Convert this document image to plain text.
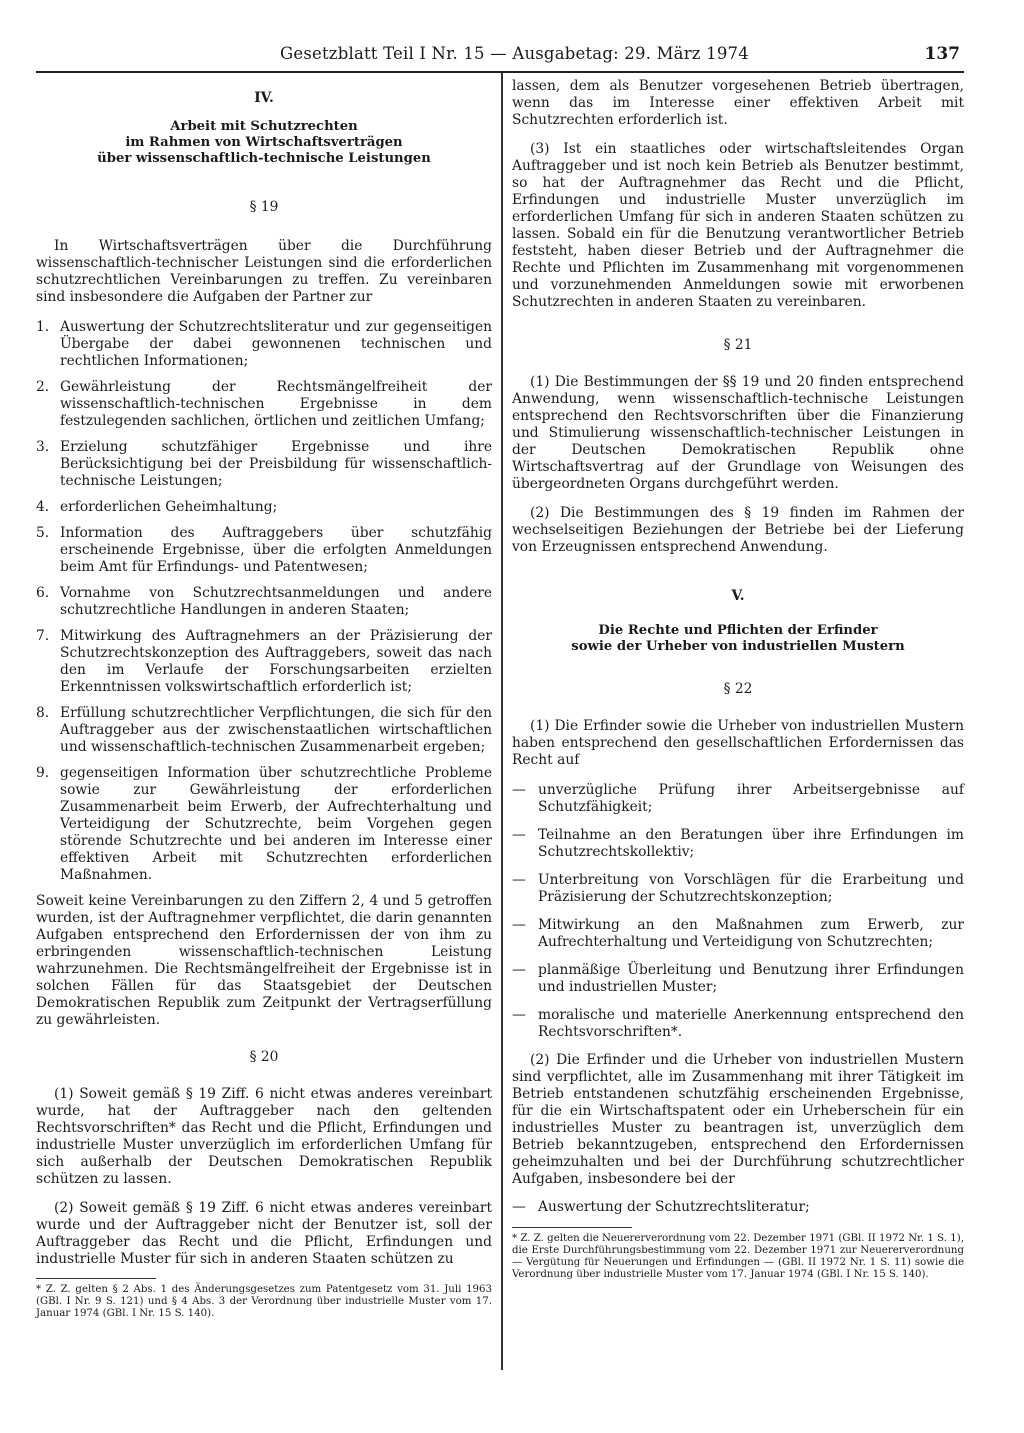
Gesetzblatt Teil I Nr. 15 — Ausgabetag: 29. März 1974	137
IV.
Arbeit mit Schutzrechten
im Rahmen von Wirtschaftsverträgen
über wissenschaftlich-technische Leistungen
§ 19

In Wirtschaftsverträgen über die Durchführung wissenschaftlich-technischer Leistungen sind die erforderlichen schutzrechtlichen Vereinbarungen zu treffen. Zu vereinbaren sind insbesondere die Aufgaben der Partner zur

1. Auswertung der Schutzrechtsliteratur und zur gegenseitigen Übergabe der dabei gewonnenen technischen und rechtlichen Informationen;
2. Gewährleistung der Rechtsmängelfreiheit der wissenschaftlich-technischen Ergebnisse in dem festzulegenden sachlichen, örtlichen und zeitlichen Umfang;
3. Erzielung schutzfähiger Ergebnisse und ihre Berücksichtigung bei der Preisbildung für wissenschaftlich-technische Leistungen;
4. erforderlichen Geheimhaltung;
5. Information des Auftraggebers über schutzfähig erscheinende Ergebnisse, über die erfolgten Anmeldungen beim Amt für Erfindungs- und Patentwesen;
6. Vornahme von Schutzrechtsanmeldungen und andere schutzrechtliche Handlungen in anderen Staaten;
7. Mitwirkung des Auftragnehmers an der Präzisierung der Schutzrechtskonzeption des Auftraggebers, soweit das nach den im Verlaufe der Forschungsarbeiten erzielten Erkenntnissen volkswirtschaftlich erforderlich ist;
8. Erfüllung schutzrechtlicher Verpflichtungen, die sich für den Auftraggeber aus der zwischenstaatlichen wirtschaftlichen und wissenschaftlich-technischen Zusammenarbeit ergeben;
9. gegenseitigen Information über schutzrechtliche Probleme sowie zur Gewährleistung der erforderlichen Zusammenarbeit beim Erwerb, der Aufrechterhaltung und Verteidigung der Schutzrechte, beim Vorgehen gegen störende Schutzrechte und bei anderen im Interesse einer effektiven Arbeit mit Schutzrechten erforderlichen Maßnahmen.

Soweit keine Vereinbarungen zu den Ziffern 2, 4 und 5 getroffen wurden, ist der Auftragnehmer verpflichtet, die darin genannten Aufgaben entsprechend den Erfordernissen der von ihm zu erbringenden wissenschaftlich-technischen Leistung wahrzunehmen. Die Rechtsmängelfreiheit der Ergebnisse ist in solchen Fällen für das Staatsgebiet der Deutschen Demokratischen Republik zum Zeitpunkt der Vertragserfüllung zu gewährleisten.

§ 20

(1) Soweit gemäß § 19 Ziff. 6 nicht etwas anderes vereinbart wurde, hat der Auftraggeber nach den geltenden Rechtsvorschriften* das Recht und die Pflicht, Erfindungen und industrielle Muster unverzüglich im erforderlichen Umfang für sich außerhalb der Deutschen Demokratischen Republik schützen zu lassen.

(2) Soweit gemäß § 19 Ziff. 6 nicht etwas anderes vereinbart wurde und der Auftraggeber nicht der Benutzer ist, soll der Auftraggeber das Recht und die Pflicht, Erfindungen und industrielle Muster für sich in anderen Staaten schützen zu

* Z. Z. gelten § 2 Abs. 1 des Änderungsgesetzes zum Patentgesetz vom 31. Juli 1963 (GBl. I Nr. 9 S. 121) und § 4 Abs. 3 der Verordnung über industrielle Muster vom 17. Januar 1974 (GBl. I Nr. 15 S. 140).

lassen, dem als Benutzer vorgesehenen Betrieb übertragen, wenn das im Interesse einer effektiven Arbeit mit Schutzrechten erforderlich ist.

(3) Ist ein staatliches oder wirtschaftsleitendes Organ Auftraggeber und ist noch kein Betrieb als Benutzer bestimmt, so hat der Auftragnehmer das Recht und die Pflicht, Erfindungen und industrielle Muster unverzüglich im erforderlichen Umfang für sich in anderen Staaten schützen zu lassen. Sobald ein für die Benutzung verantwortlicher Betrieb feststeht, haben dieser Betrieb und der Auftragnehmer die Rechte und Pflichten im Zusammenhang mit vorgenommenen und vorzunehmenden Anmeldungen sowie mit erworbenen Schutzrechten in anderen Staaten zu vereinbaren.

§ 21

(1) Die Bestimmungen der §§ 19 und 20 finden entsprechend Anwendung, wenn wissenschaftlich-technische Leistungen entsprechend den Rechtsvorschriften über die Finanzierung und Stimulierung wissenschaftlich-technischer Leistungen in der Deutschen Demokratischen Republik ohne Wirtschaftsvertrag auf der Grundlage von Weisungen des übergeordneten Organs durchgeführt werden.

(2) Die Bestimmungen des § 19 finden im Rahmen der wechselseitigen Beziehungen der Betriebe bei der Lieferung von Erzeugnissen entsprechend Anwendung.

V.
Die Rechte und Pflichten der Erfinder
sowie der Urheber von industriellen Mustern
§ 22

(1) Die Erfinder sowie die Urheber von industriellen Mustern haben entsprechend den gesellschaftlichen Erfordernissen das Recht auf

— unverzügliche Prüfung ihrer Arbeitsergebnisse auf Schutzfähigkeit;
— Teilnahme an den Beratungen über ihre Erfindungen im Schutzrechtskollektiv;
— Unterbreitung von Vorschlägen für die Erarbeitung und Präzisierung der Schutzrechtskonzeption;
— Mitwirkung an den Maßnahmen zum Erwerb, zur Aufrechterhaltung und Verteidigung von Schutzrechten;
— planmäßige Überleitung und Benutzung ihrer Erfindungen und industriellen Muster;
— moralische und materielle Anerkennung entsprechend den Rechtsvorschriften*.

(2) Die Erfinder und die Urheber von industriellen Mustern sind verpflichtet, alle im Zusammenhang mit ihrer Tätigkeit im Betrieb entstandenen schutzfähig erscheinenden Ergebnisse, für die ein Wirtschaftspatent oder ein Urheberschein für ein industrielles Muster zu beantragen ist, unverzüglich dem Betrieb bekanntzugeben, entsprechend den Erfordernissen geheimzuhalten und bei der Durchführung schutzrechtlicher Aufgaben, insbesondere bei der

— Auswertung der Schutzrechtsliteratur;

* Z. Z. gelten die Neuererverordnung vom 22. Dezember 1971 (GBl. II 1972 Nr. 1 S. 1), die Erste Durchführungsbestimmung vom 22. Dezember 1971 zur Neuererverordnung — Vergütung für Neuerungen und Erfindungen — (GBl. II 1972 Nr. 1 S. 11) sowie die Verordnung über industrielle Muster vom 17. Januar 1974 (GBl. I Nr. 15 S. 140).
